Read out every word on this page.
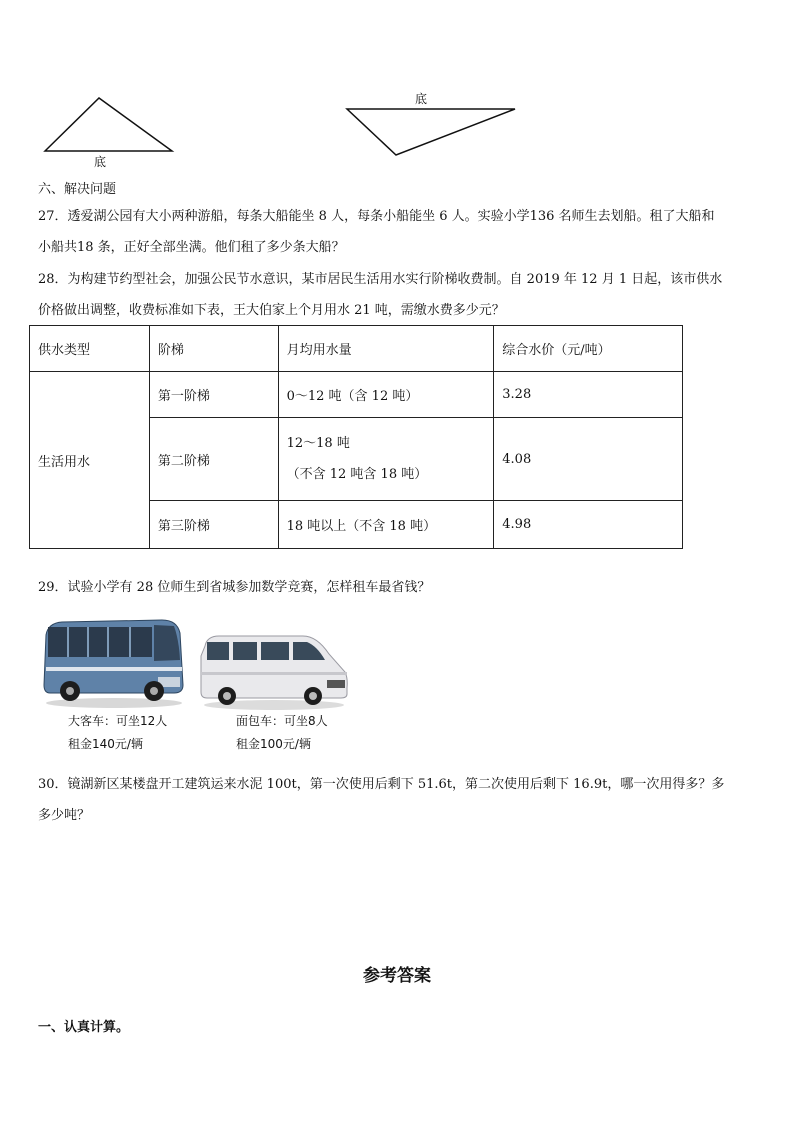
底
底
六、解决问题
27．透爱湖公园有大小两种游船，每条大船能坐 8 人，每条小船能坐 6 人。实验小学136 名师生去划船。租了大船和
小船共18 条，正好全部坐满。他们租了多少条大船？
28．为构建节约型社会，加强公民节水意识，某市居民生活用水实行阶梯收费制。自 2019 年 12 月 1 日起，该市供水
价格做出调整，收费标准如下表，王大伯家上个月用水 21 吨，需缴水费多少元？
供水类型	阶梯	月均用水量	综合水价（元/吨）
生活用水	第一阶梯	0～12 吨（含 12 吨）	3.28
	第二阶梯	12～18 吨
（不含 12 吨含 18 吨）	4.08
	第三阶梯	18 吨以上（不含 18 吨）	4.98
29．试验小学有 28 位师生到省城参加数学竞赛，怎样租车最省钱？
大客车：可坐12人
租金140元/辆
面包车：可坐8人
租金100元/辆
30．镜湖新区某楼盘开工建筑运来水泥 100t，第一次使用后剩下 51.6t，第二次使用后剩下 16.9t，哪一次用得多？多
多少吨？
参考答案
一、认真计算。
